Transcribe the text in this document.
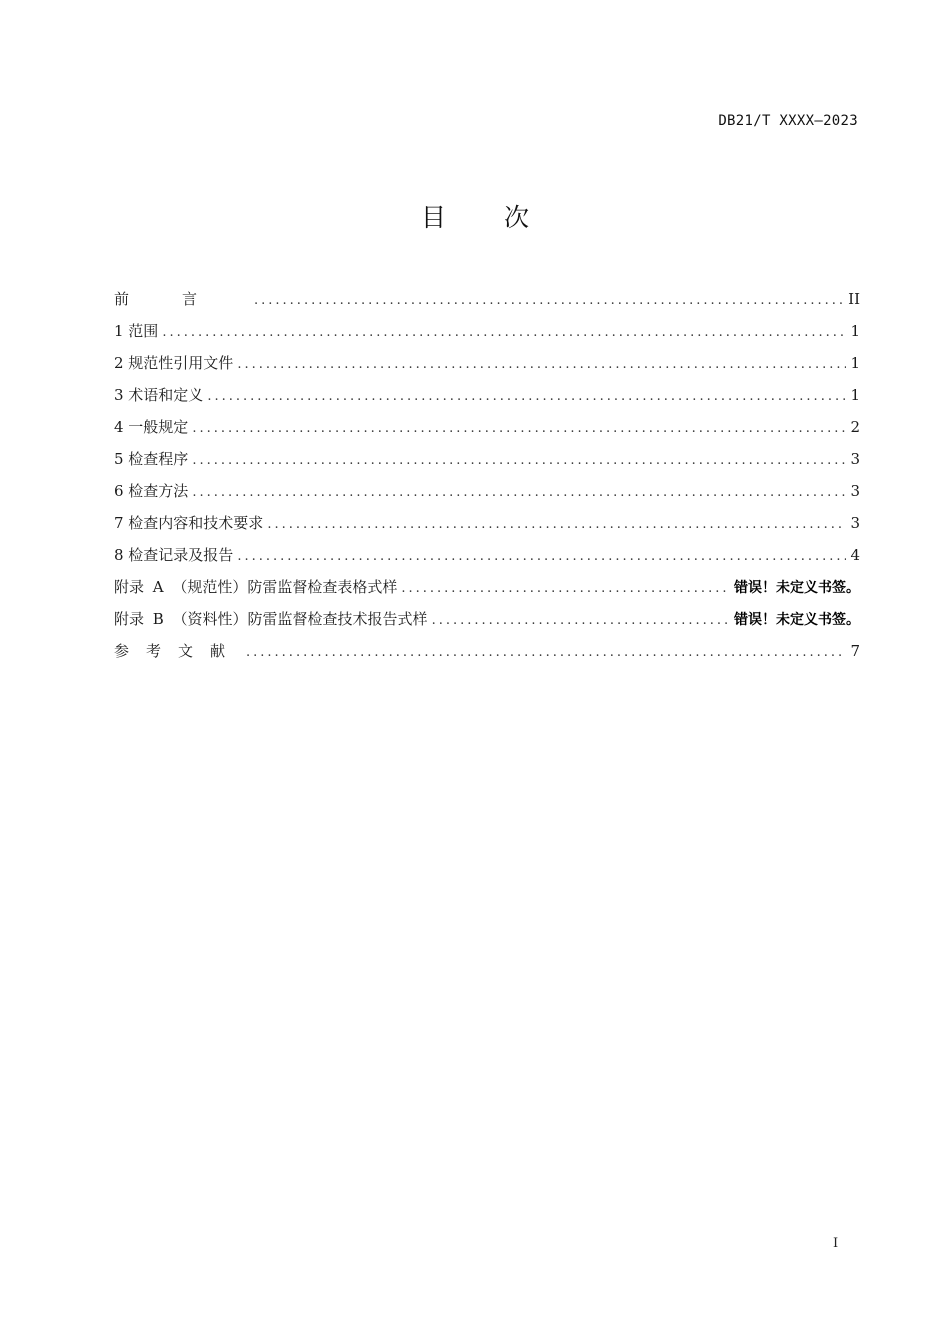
DB21/T XXXX—2023
目次
前言 .....	II
1 范围 .....	1
2 规范性引用文件 .....	1
3 术语和定义 .....	1
4 一般规定 .....	2
5 检查程序 .....	3
6 检查方法 .....	3
7 检查内容和技术要求 .....	3
8 检查记录及报告 .....	4
附录 A （规范性）防雷监督检查表格式样 .....	错误！未定义书签。
附录 B （资料性）防雷监督检查技术报告式样 .....	错误！未定义书签。
参考文献 .....	7
I
